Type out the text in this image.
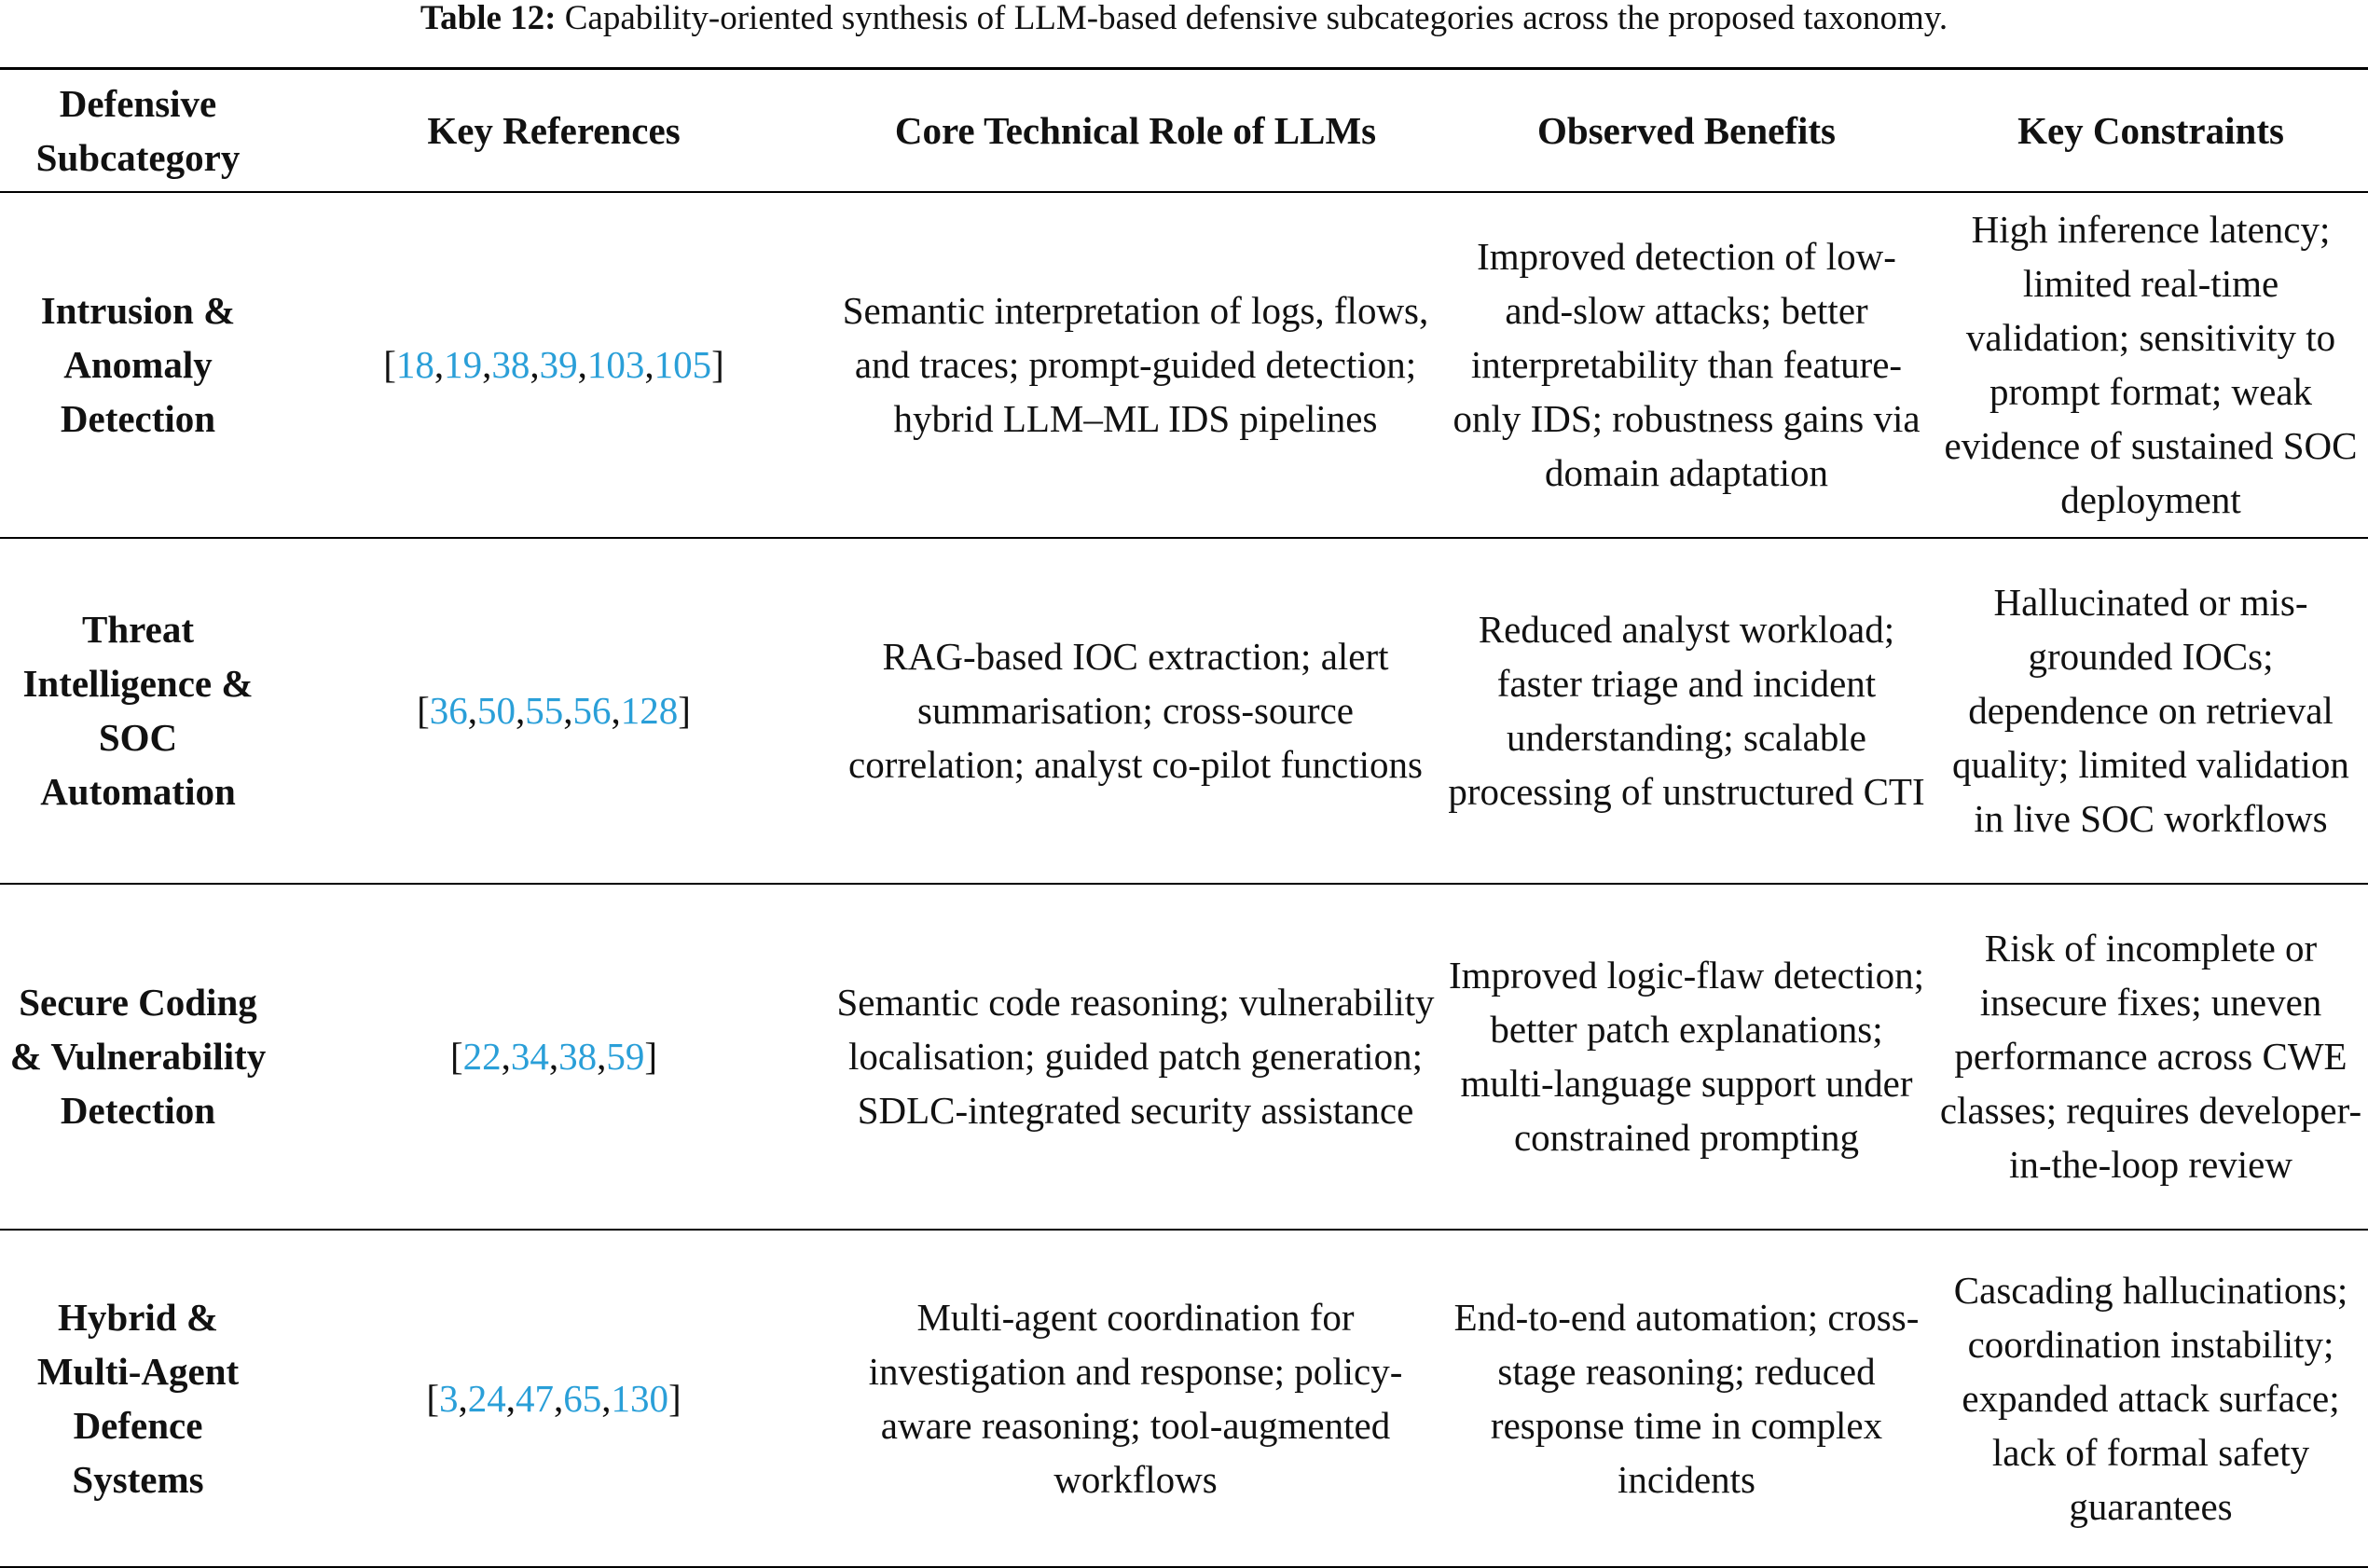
Table 12: Capability-oriented synthesis of LLM-based defensive subcategories across the proposed taxonomy.
Defensive Subcategory	Key References	Core Technical Role of LLMs	Observed Benefits	Key Constraints
Intrusion & Anomaly Detection	[18,19,38,39,103,105]	Semantic interpretation of logs, flows, and traces; prompt-guided detection; hybrid LLM–ML IDS pipelines	Improved detection of low-and-slow attacks; better interpretability than feature-only IDS; robustness gains via domain adaptation	High inference latency; limited real-time validation; sensitivity to prompt format; weak evidence of sustained SOC deployment
Threat Intelligence & SOC Automation	[36,50,55,56,128]	RAG-based IOC extraction; alert summarisation; cross-source correlation; analyst co-pilot functions	Reduced analyst workload; faster triage and incident understanding; scalable processing of unstructured CTI	Hallucinated or mis-grounded IOCs; dependence on retrieval quality; limited validation in live SOC workflows
Secure Coding & Vulnerability Detection	[22,34,38,59]	Semantic code reasoning; vulnerability localisation; guided patch generation; SDLC-integrated security assistance	Improved logic-flaw detection; better patch explanations; multi-language support under constrained prompting	Risk of incomplete or insecure fixes; uneven performance across CWE classes; requires developer-in-the-loop review
Hybrid & Multi-Agent Defence Systems	[3,24,47,65,130]	Multi-agent coordination for investigation and response; policy-aware reasoning; tool-augmented workflows	End-to-end automation; cross-stage reasoning; reduced response time in complex incidents	Cascading hallucinations; coordination instability; expanded attack surface; lack of formal safety guarantees
